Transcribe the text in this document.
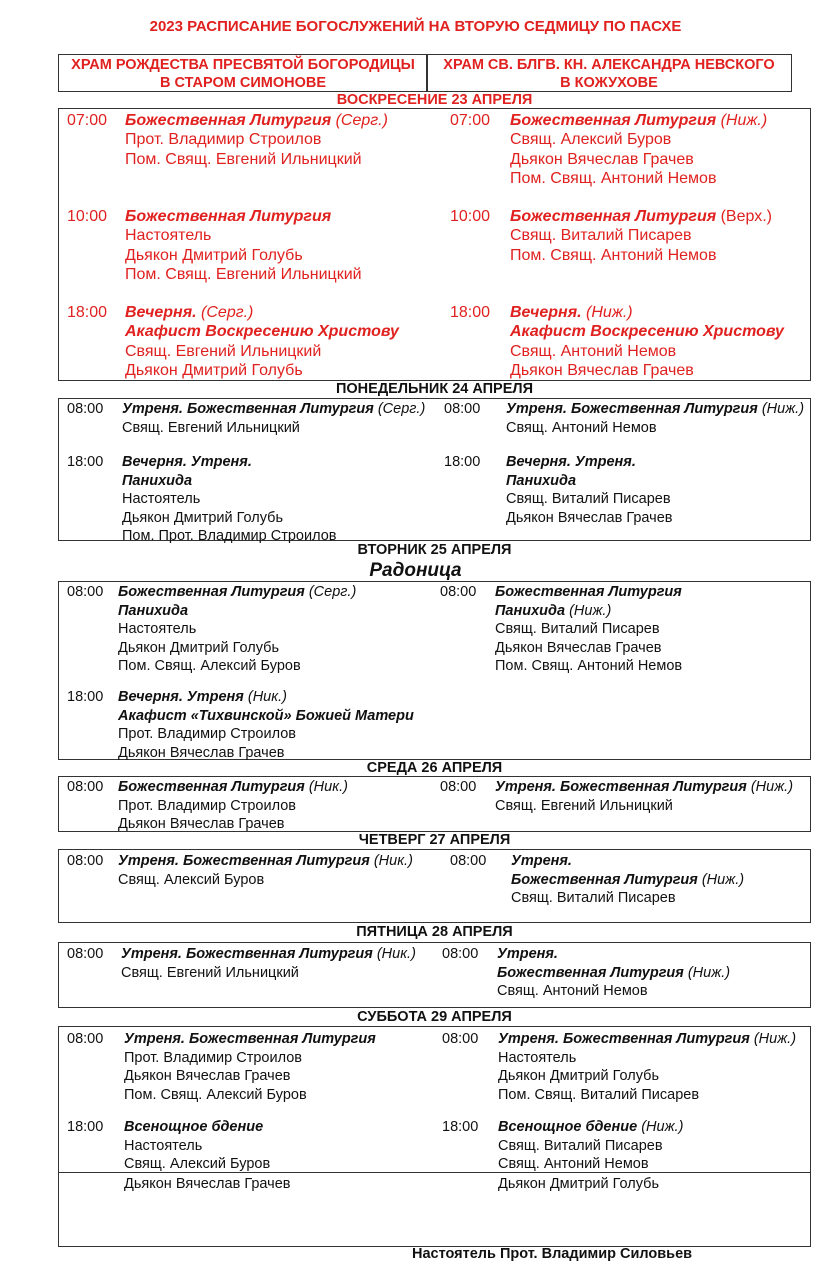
2023 РАСПИСАНИЕ БОГОСЛУЖЕНИЙ НА ВТОРУЮ СЕДМИЦУ ПО ПАСХЕ
ХРАМ РОЖДЕСТВА ПРЕСВЯТОЙ БОГОРОДИЦЫ
В СТАРОМ СИМОНОВЕ
ХРАМ СВ. БЛГВ. КН. АЛЕКСАНДРА НЕВСКОГО
В КОЖУХОВЕ
ВОСКРЕСЕНИЕ 23 АПРЕЛЯ
ПОНЕДЕЛЬНИК 24 АПРЕЛЯ
ВТОРНИК 25 АПРЕЛЯ
Радоница
СРЕДА 26 АПРЕЛЯ
ЧЕТВЕРГ 27 АПРЕЛЯ
ПЯТНИЦА 28 АПРЕЛЯ
СУББОТА 29 АПРЕЛЯ
07:00 Божественная Литургия (Серг.)
Прот. Владимир Строилов
Пом. Свящ. Евгений Ильницкий
07:00 Божественная Литургия (Ниж.)
Свящ. Алексий Буров
Дьякон Вячеслав Грачев
Пом. Свящ. Антоний Немов
10:00 Божественная Литургия
Настоятель
Дьякон Дмитрий Голубь
Пом. Свящ. Евгений Ильницкий
10:00 Божественная Литургия (Верх.)
Свящ. Виталий Писарев
Пом. Свящ. Антоний Немов
18:00 Вечерня. (Серг.)
Акафист Воскресению Христову
Свящ. Евгений Ильницкий
Дьякон Дмитрий Голубь
18:00 Вечерня. (Ниж.)
Акафист Воскресению Христову
Свящ. Антоний Немов
Дьякон Вячеслав Грачев
08:00 Утреня. Божественная Литургия (Серг.)
Свящ. Евгений Ильницкий
08:00 Утреня. Божественная Литургия (Ниж.)
Свящ. Антоний Немов
18:00 Вечерня. Утреня.
Панихида
Настоятель
Дьякон Дмитрий Голубь
Пом. Прот. Владимир Строилов
18:00 Вечерня. Утреня.
Панихида
Свящ. Виталий Писарев
Дьякон Вячеслав Грачев
08:00 Божественная Литургия (Серг.)
Панихида
Настоятель
Дьякон Дмитрий Голубь
Пом. Свящ. Алексий Буров
08:00 Божественная Литургия
Панихида (Ниж.)
Свящ. Виталий Писарев
Дьякон Вячеслав Грачев
Пом. Свящ. Антоний Немов
18:00 Вечерня. Утреня (Ник.)
Акафист «Тихвинской» Божией Матери
Прот. Владимир Строилов
Дьякон Вячеслав Грачев
08:00 Божественная Литургия (Ник.)
Прот. Владимир Строилов
Дьякон Вячеслав Грачев
08:00 Утреня. Божественная Литургия (Ниж.)
Свящ. Евгений Ильницкий
08:00 Утреня. Божественная Литургия (Ник.)
Свящ. Алексий Буров
08:00 Утреня.
Божественная Литургия (Ниж.)
Свящ. Виталий Писарев
08:00 Утреня. Божественная Литургия (Ник.)
Свящ. Евгений Ильницкий
08:00 Утреня.
Божественная Литургия (Ниж.)
Свящ. Антоний Немов
08:00 Утреня. Божественная Литургия
Прот. Владимир Строилов
Дьякон Вячеслав Грачев
Пом. Свящ. Алексий Буров
08:00 Утреня. Божественная Литургия (Ниж.)
Настоятель
Дьякон Дмитрий Голубь
Пом. Свящ. Виталий Писарев
18:00 Всенощное бдение
Настоятель
Свящ. Алексий Буров
Дьякон Вячеслав Грачев
18:00 Всенощное бдение (Ниж.)
Свящ. Виталий Писарев
Свящ. Антоний Немов
Дьякон Дмитрий Голубь
Настоятель Прот. Владимир Силовьев
